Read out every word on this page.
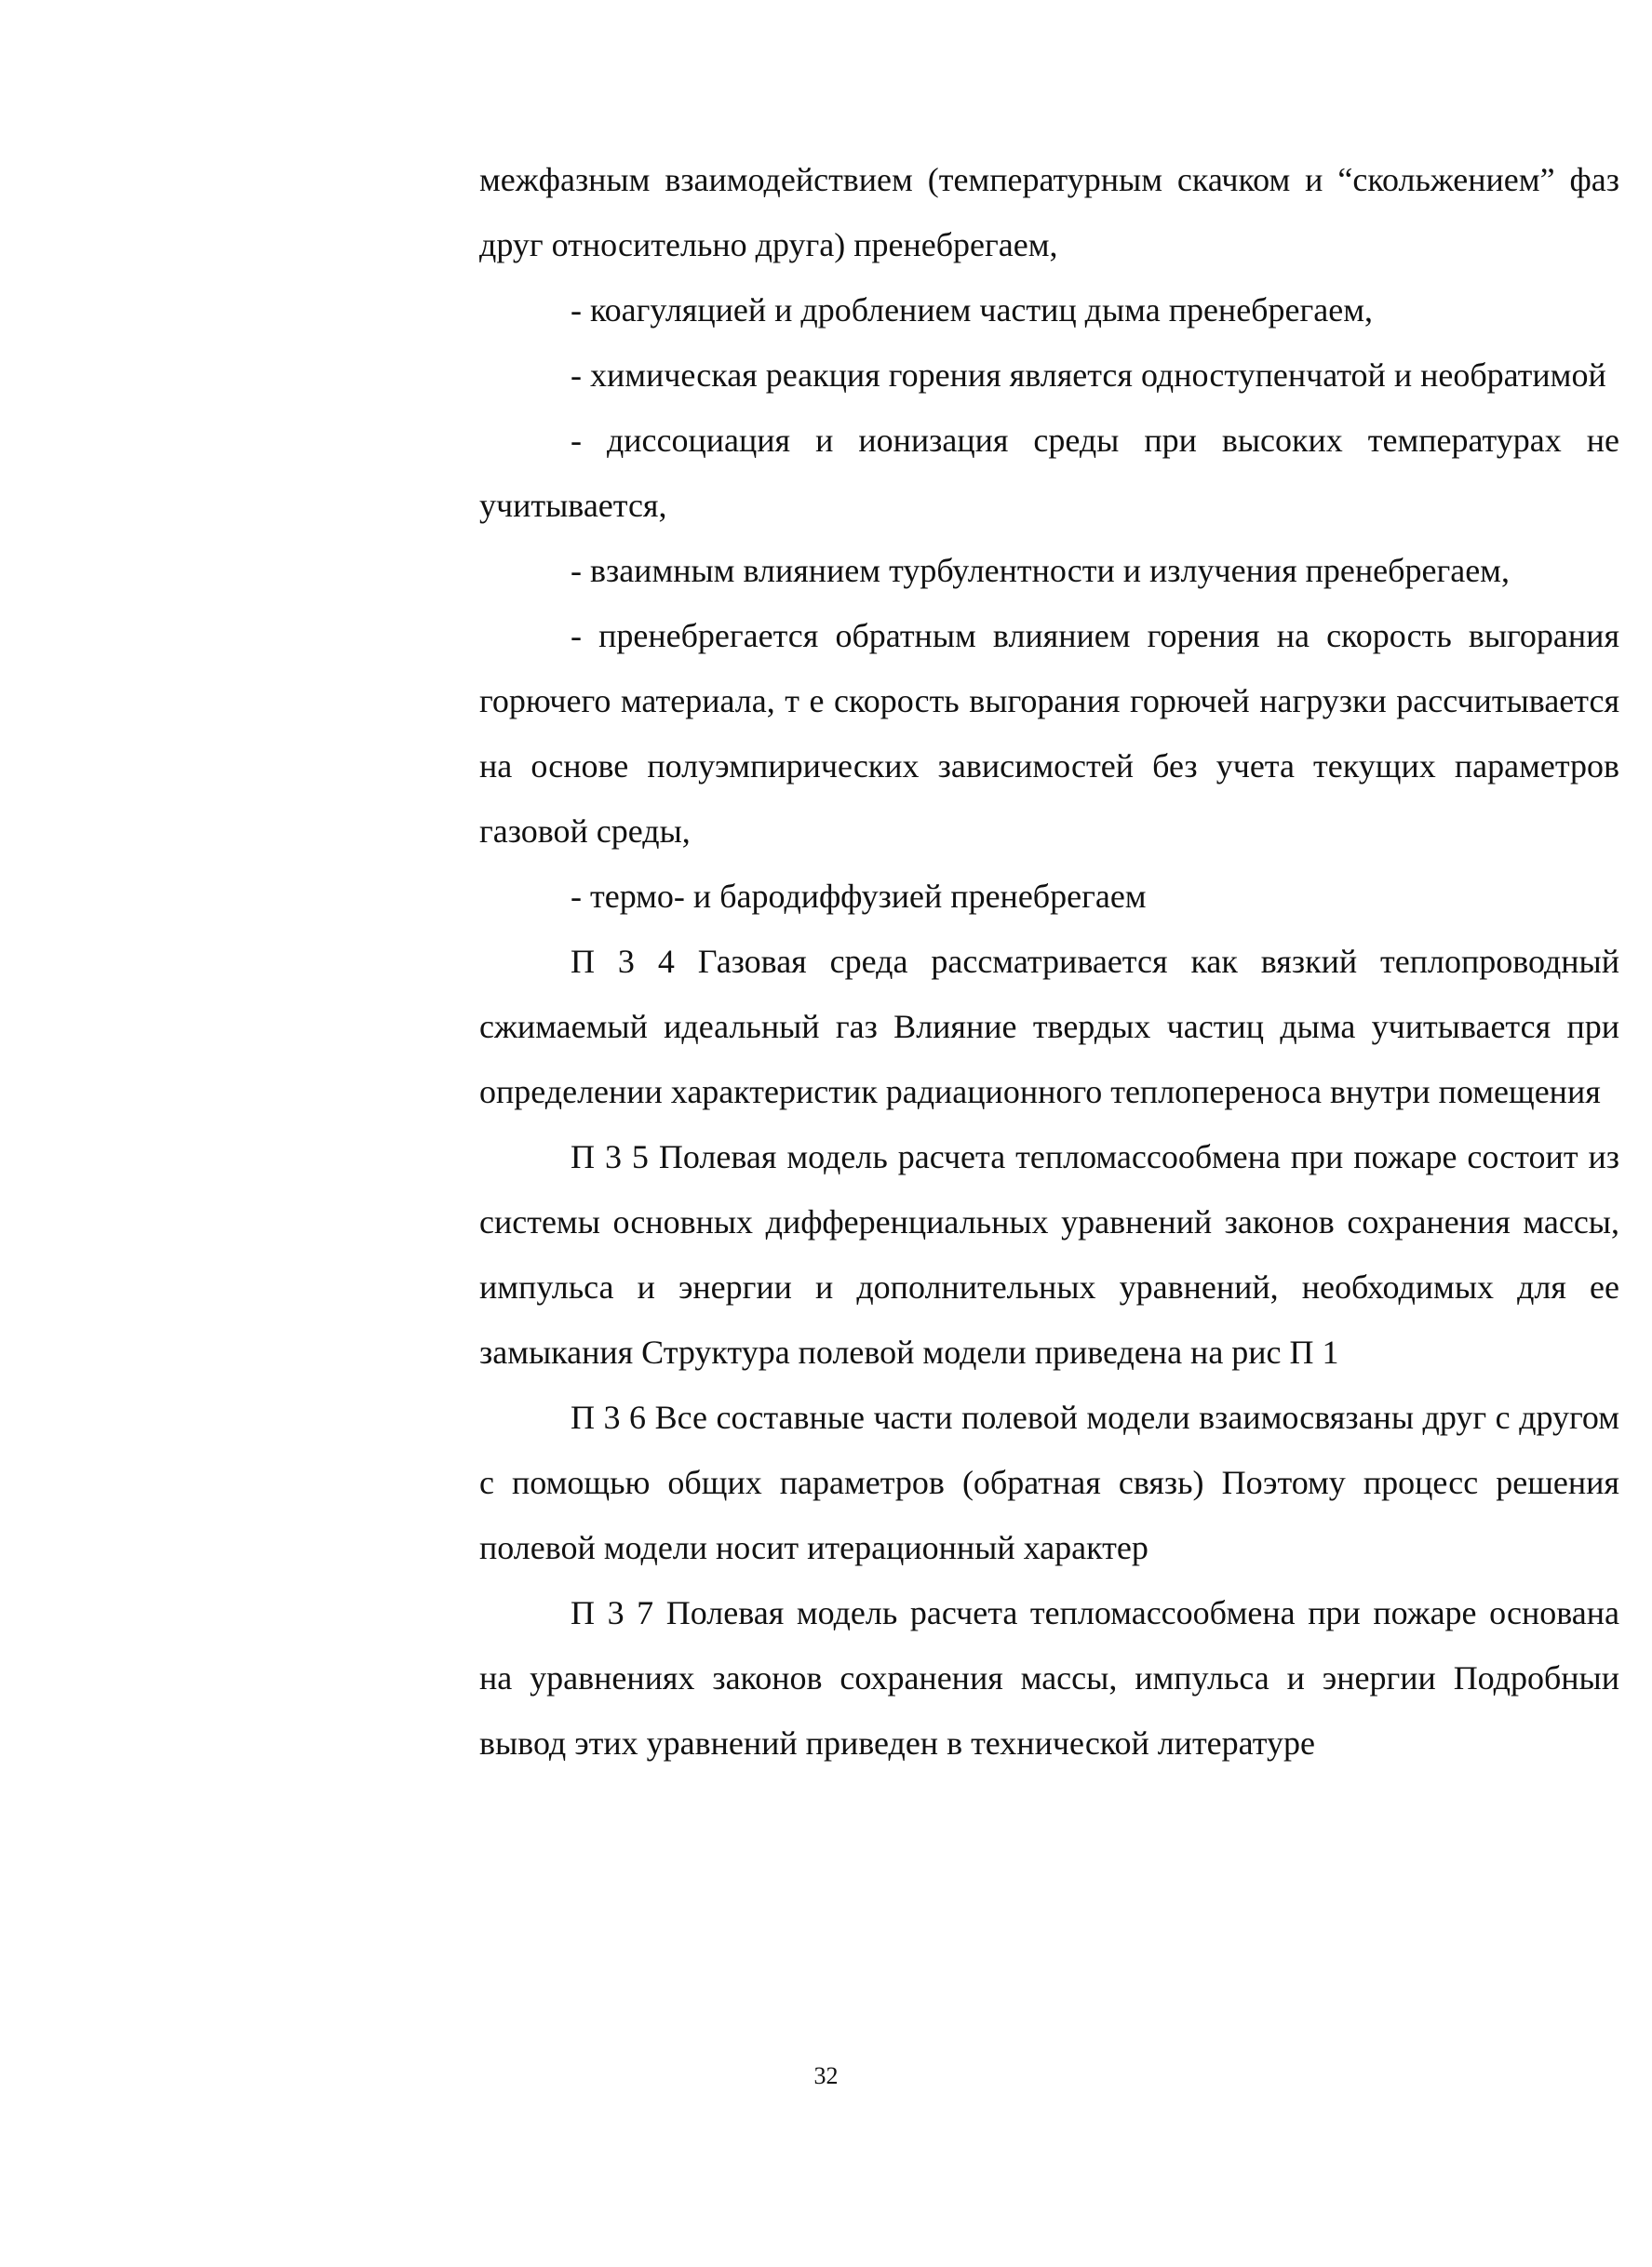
межфазным взаимодействием (температурным скачком и “скольжением” фаз друг относительно друга) пренебрегаем,

- коагуляцией и дроблением частиц дыма пренебрегаем,

- химическая реакция горения является одноступенчатой и необратимой

- диссоциация и ионизация среды при высоких температурах не учитывается,

- взаимным влиянием турбулентности и излучения пренебрегаем,

- пренебрегается обратным влиянием горения на скорость выгорания горючего материала, т е скорость выгорания горючей нагрузки рассчитывается на основе полуэмпирических зависимостей без учета текущих параметров газовой среды,

- термо- и бародиффузией пренебрегаем

П 3 4 Газовая среда рассматривается как вязкий теплопроводный сжимаемый идеальный газ Влияние твердых частиц дыма учитывается при определении характеристик радиационного теплопереноса внутри помещения

П 3 5 Полевая модель расчета тепломассообмена при пожаре состоит из системы основных дифференциальных уравнений законов сохранения массы, импульса и энергии и дополнительных уравнений, необходимых для ее замыкания Структура полевой модели приведена на рис П 1

П 3 6 Все составные части полевой модели взаимосвязаны друг с другом с помощью общих параметров (обратная связь) Поэтому процесс решения полевой модели носит итерационный характер

П 3 7 Полевая модель расчета тепломассообмена при пожаре основана на уравнениях законов сохранения массы, импульса и энергии Подробныи вывод этих уравнений приведен в технической литературе

32
